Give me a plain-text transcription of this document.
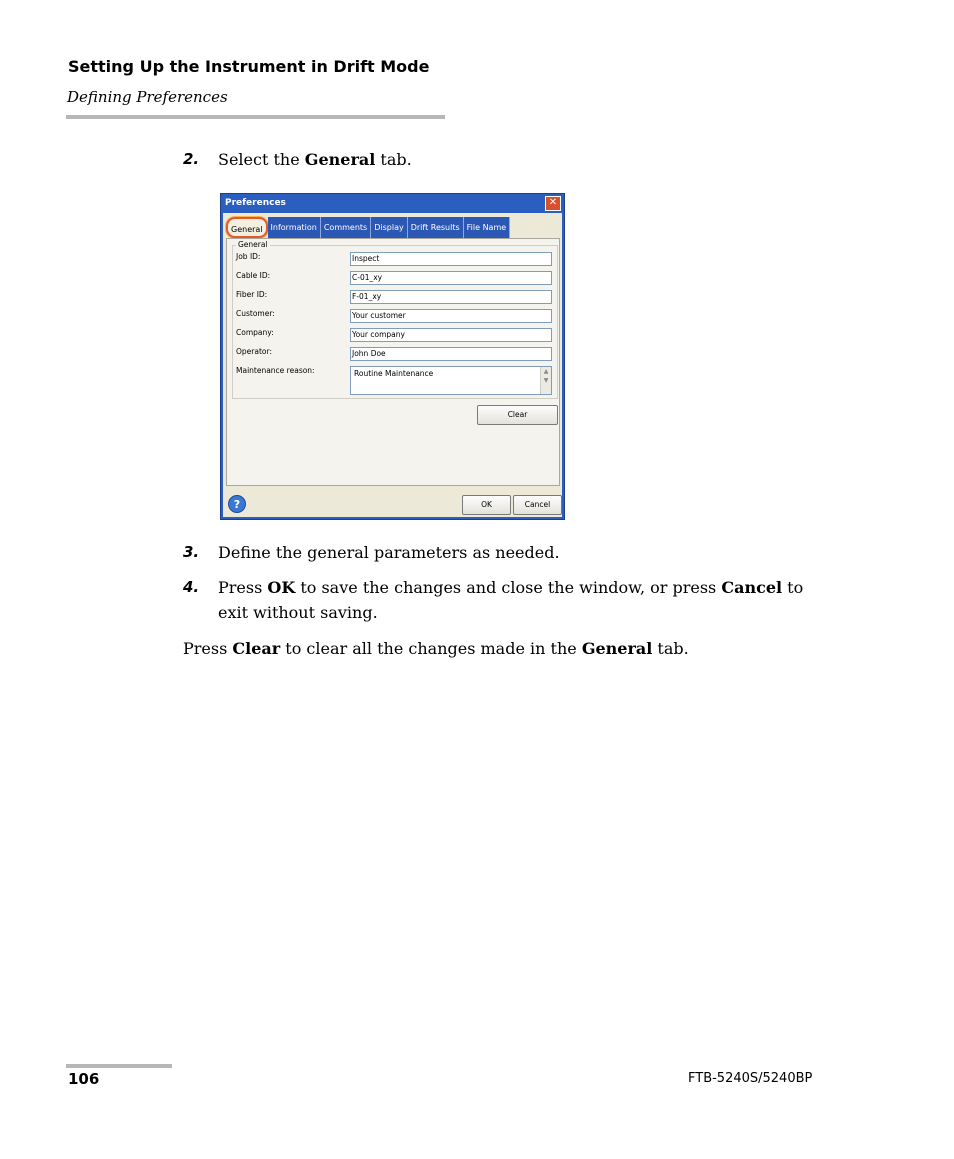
Setting Up the Instrument in Drift Mode
Defining Preferences
2. Select the General tab.
Preferences	✕
General	Information Comments Display Drift Results File Name
General
Job ID:	Inspect
Cable ID:	C-01_xy
Fiber ID:	F-01_xy
Customer:	Your customer
Company:	Your company
Operator:	John Doe
Maintenance reason:	Routine Maintenance	▲
▼
Clear
?	OK	Cancel
3. Define the general parameters as needed.
4. Press OK to save the changes and close the window, or press Cancel to exit without saving.
Press Clear to clear all the changes made in the General tab.
106	FTB-5240S/5240BP
